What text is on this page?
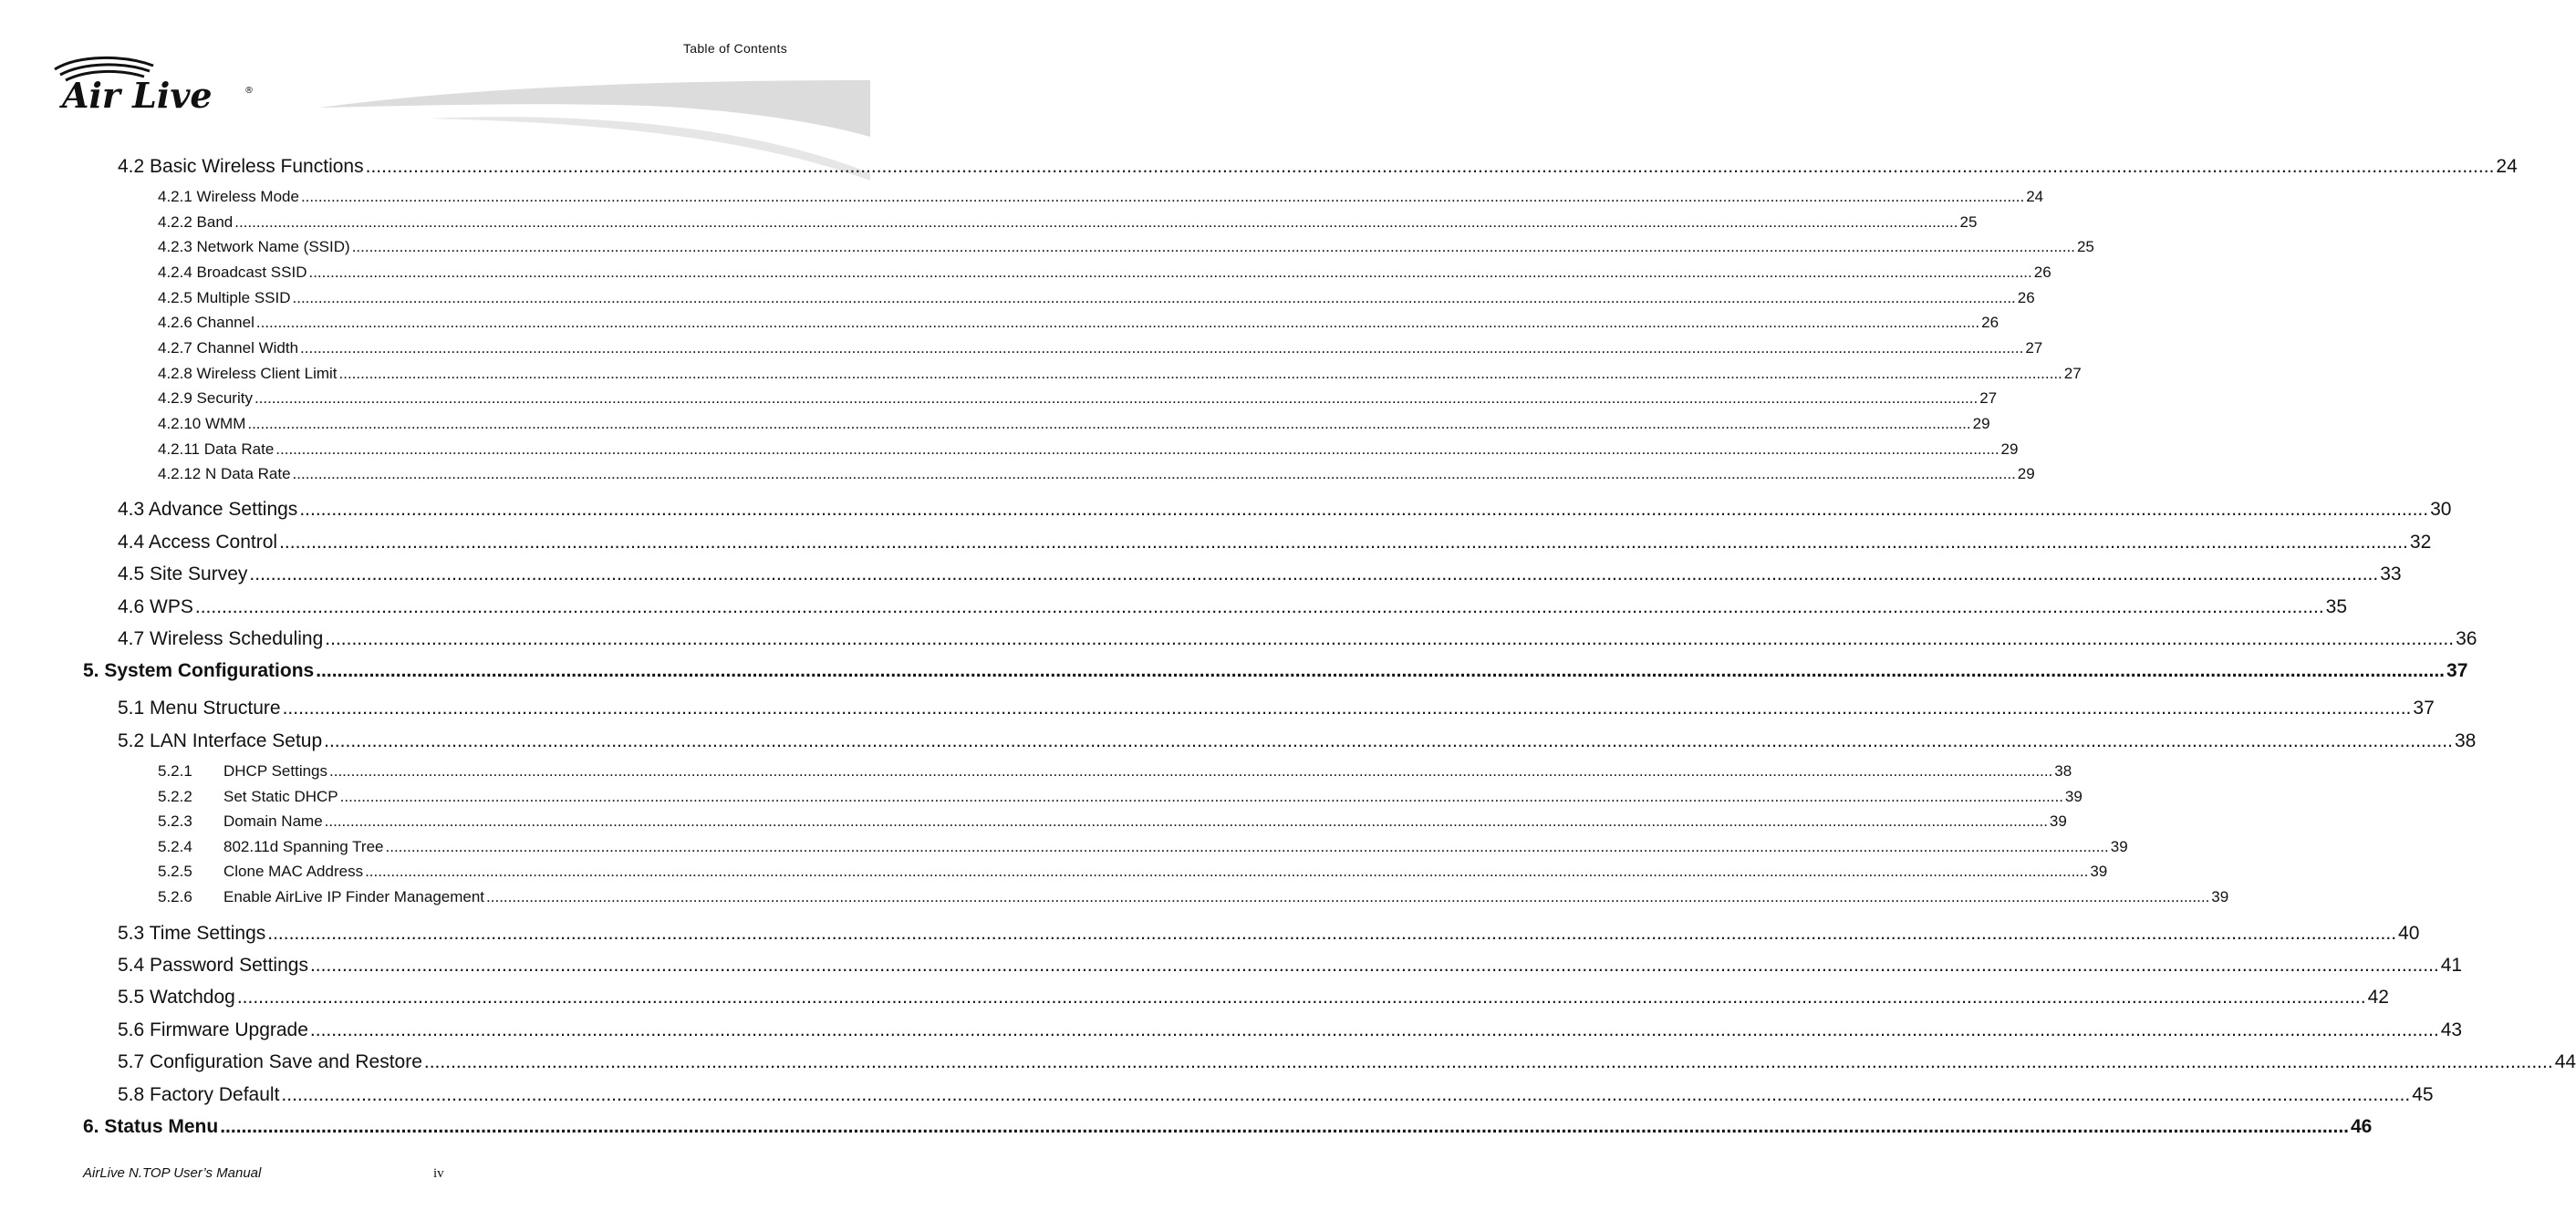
Table of Contents
Air Live	®
4.2 Basic Wireless Functions ................................................................................................................................................................................................................................................................................................................................................................................................................ 24
4.2.1 Wireless Mode ................................................................................................................................................................................................................................................................................................................................................................................................................ 24
4.2.2 Band ................................................................................................................................................................................................................................................................................................................................................................................................................ 25
4.2.3 Network Name (SSID) ................................................................................................................................................................................................................................................................................................................................................................................................................ 25
4.2.4 Broadcast SSID ................................................................................................................................................................................................................................................................................................................................................................................................................ 26
4.2.5 Multiple SSID ................................................................................................................................................................................................................................................................................................................................................................................................................ 26
4.2.6 Channel ................................................................................................................................................................................................................................................................................................................................................................................................................ 26
4.2.7 Channel Width ................................................................................................................................................................................................................................................................................................................................................................................................................ 27
4.2.8 Wireless Client Limit ................................................................................................................................................................................................................................................................................................................................................................................................................ 27
4.2.9 Security ................................................................................................................................................................................................................................................................................................................................................................................................................ 27
4.2.10 WMM ................................................................................................................................................................................................................................................................................................................................................................................................................ 29
4.2.11 Data Rate ................................................................................................................................................................................................................................................................................................................................................................................................................ 29
4.2.12 N Data Rate ................................................................................................................................................................................................................................................................................................................................................................................................................ 29
4.3 Advance Settings ................................................................................................................................................................................................................................................................................................................................................................................................................ 30
4.4 Access Control ................................................................................................................................................................................................................................................................................................................................................................................................................ 32
4.5 Site Survey ................................................................................................................................................................................................................................................................................................................................................................................................................ 33
4.6 WPS ................................................................................................................................................................................................................................................................................................................................................................................................................ 35
4.7 Wireless Scheduling ................................................................................................................................................................................................................................................................................................................................................................................................................ 36
5. System Configurations ................................................................................................................................................................................................................................................................................................................................................................................................................ 37
5.1 Menu Structure ................................................................................................................................................................................................................................................................................................................................................................................................................ 37
5.2 LAN Interface Setup ................................................................................................................................................................................................................................................................................................................................................................................................................ 38
5.2.1 DHCP Settings ................................................................................................................................................................................................................................................................................................................................................................................................................ 38
5.2.2 Set Static DHCP ................................................................................................................................................................................................................................................................................................................................................................................................................ 39
5.2.3 Domain Name ................................................................................................................................................................................................................................................................................................................................................................................................................ 39
5.2.4 802.11d Spanning Tree ................................................................................................................................................................................................................................................................................................................................................................................................................ 39
5.2.5 Clone MAC Address ................................................................................................................................................................................................................................................................................................................................................................................................................ 39
5.2.6 Enable AirLive IP Finder Management ................................................................................................................................................................................................................................................................................................................................................................................................................ 39
5.3 Time Settings ................................................................................................................................................................................................................................................................................................................................................................................................................ 40
5.4 Password Settings ................................................................................................................................................................................................................................................................................................................................................................................................................ 41
5.5 Watchdog ................................................................................................................................................................................................................................................................................................................................................................................................................ 42
5.6 Firmware Upgrade ................................................................................................................................................................................................................................................................................................................................................................................................................ 43
5.7 Configuration Save and Restore ................................................................................................................................................................................................................................................................................................................................................................................................................ 44
5.8 Factory Default ................................................................................................................................................................................................................................................................................................................................................................................................................ 45
6. Status Menu ................................................................................................................................................................................................................................................................................................................................................................................................................ 46
AirLive N.TOP User’s Manual	iv
